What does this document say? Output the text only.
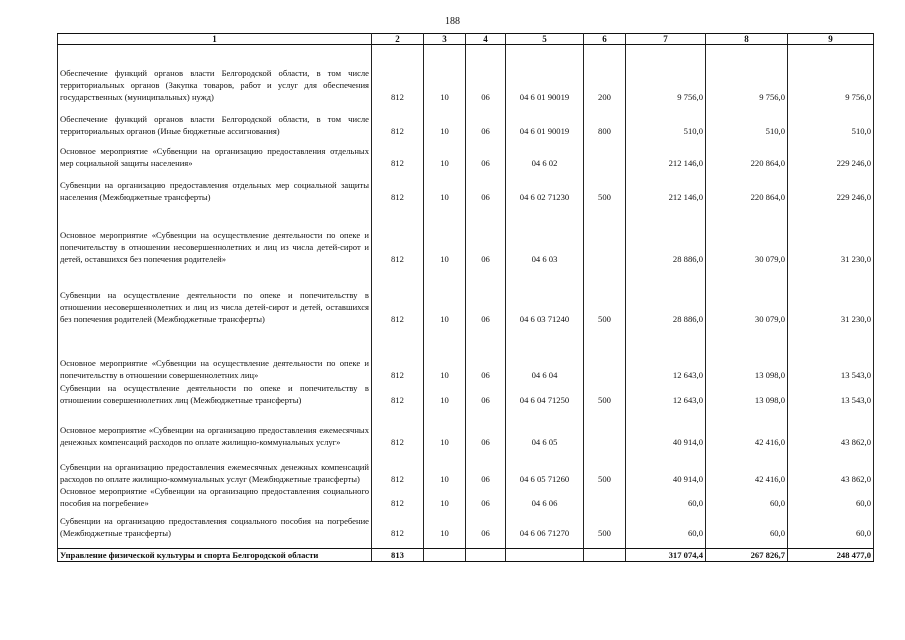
188
1	2	3	4	5	6	7	8	9
Обеспечение функций органов власти Белгородской области, в том числе территориальных органов (Закупка товаров, работ и услуг для обеспечения государственных (муниципальных) нужд)	812	10	06	04 6 01 90019	200	9 756,0	9 756,0	9 756,0
Обеспечение функций органов власти Белгородской области, в том числе территориальных органов (Иные бюджетные ассигнования)	812	10	06	04 6 01 90019	800	510,0	510,0	510,0
Основное мероприятие «Субвенции на организацию предоставления отдельных мер социальной защиты населения»	812	10	06	04 6 02		212 146,0	220 864,0	229 246,0
Субвенции на организацию предоставления отдельных мер социальной защиты населения (Межбюджетные трансферты)	812	10	06	04 6 02 71230	500	212 146,0	220 864,0	229 246,0
Основное мероприятие «Субвенции на осуществление деятельности по опеке и попечительству в отношении несовершеннолетних и лиц из числа детей-сирот и детей, оставшихся без попечения родителей»	812	10	06	04 6 03		28 886,0	30 079,0	31 230,0
Субвенции на осуществление деятельности по опеке и попечительству в отношении несовершеннолетних и лиц из числа детей-сирот и детей, оставшихся без попечения родителей (Межбюджетные трансферты)	812	10	06	04 6 03 71240	500	28 886,0	30 079,0	31 230,0
Основное мероприятие «Субвенции на осуществление деятельности по опеке и попечительству в отношении совершеннолетних лиц»	812	10	06	04 6 04		12 643,0	13 098,0	13 543,0
Субвенции на осуществление деятельности по опеке и попечительству в отношении совершеннолетних лиц (Межбюджетные трансферты)	812	10	06	04 6 04 71250	500	12 643,0	13 098,0	13 543,0
Основное мероприятие «Субвенции на организацию предоставления ежемесячных денежных компенсаций расходов по оплате жилищно-коммунальных услуг»	812	10	06	04 6 05		40 914,0	42 416,0	43 862,0
Субвенции на организацию предоставления ежемесячных денежных компенсаций расходов по оплате жилищно-коммунальных услуг (Межбюджетные трансферты)	812	10	06	04 6 05 71260	500	40 914,0	42 416,0	43 862,0
Основное мероприятие «Субвенции на организацию предоставления социального пособия на погребение»	812	10	06	04 6 06		60,0	60,0	60,0
Субвенции на организацию предоставления социального пособия на погребение (Межбюджетные трансферты)	812	10	06	04 6 06 71270	500	60,0	60,0	60,0

Управление физической культуры и спорта Белгородской области	813					317 074,4	267 826,7	248 477,0
